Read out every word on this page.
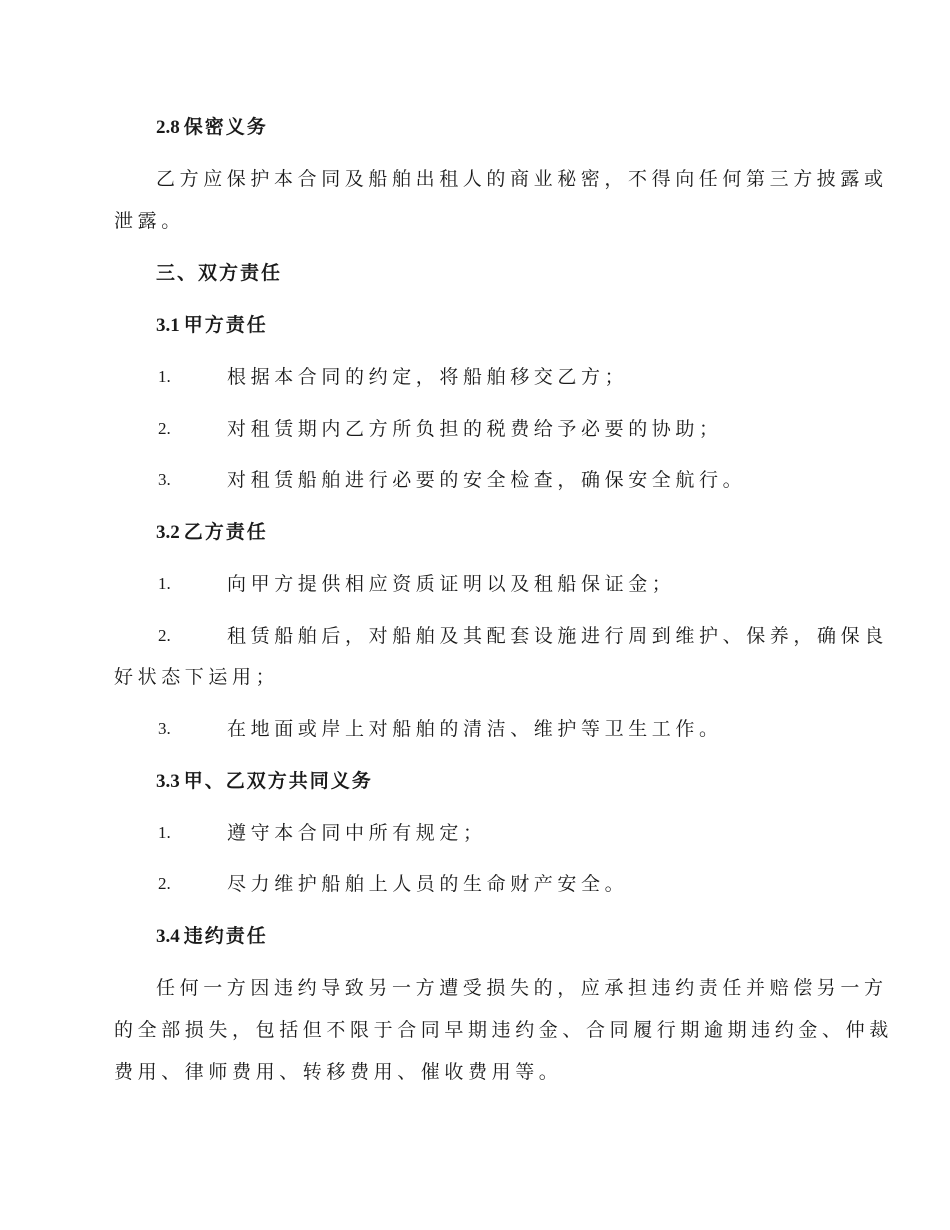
2.8 保密义务
乙方应保护本合同及船舶出租人的商业秘密，不得向任何第三方披露或
泄露。
三、双方责任
3.1 甲方责任
1.	根据本合同的约定，将船舶移交乙方；
2.	对租赁期内乙方所负担的税费给予必要的协助；
3.	对租赁船舶进行必要的安全检查，确保安全航行。
3.2 乙方责任
1.	向甲方提供相应资质证明以及租船保证金；
2.	租赁船舶后，对船舶及其配套设施进行周到维护、保养，确保良
好状态下运用；
3.	在地面或岸上对船舶的清洁、维护等卫生工作。
3.3 甲、乙双方共同义务
1.	遵守本合同中所有规定；
2.	尽力维护船舶上人员的生命财产安全。
3.4 违约责任
任何一方因违约导致另一方遭受损失的，应承担违约责任并赔偿另一方
的全部损失，包括但不限于合同早期违约金、合同履行期逾期违约金、仲裁
费用、律师费用、转移费用、催收费用等。
